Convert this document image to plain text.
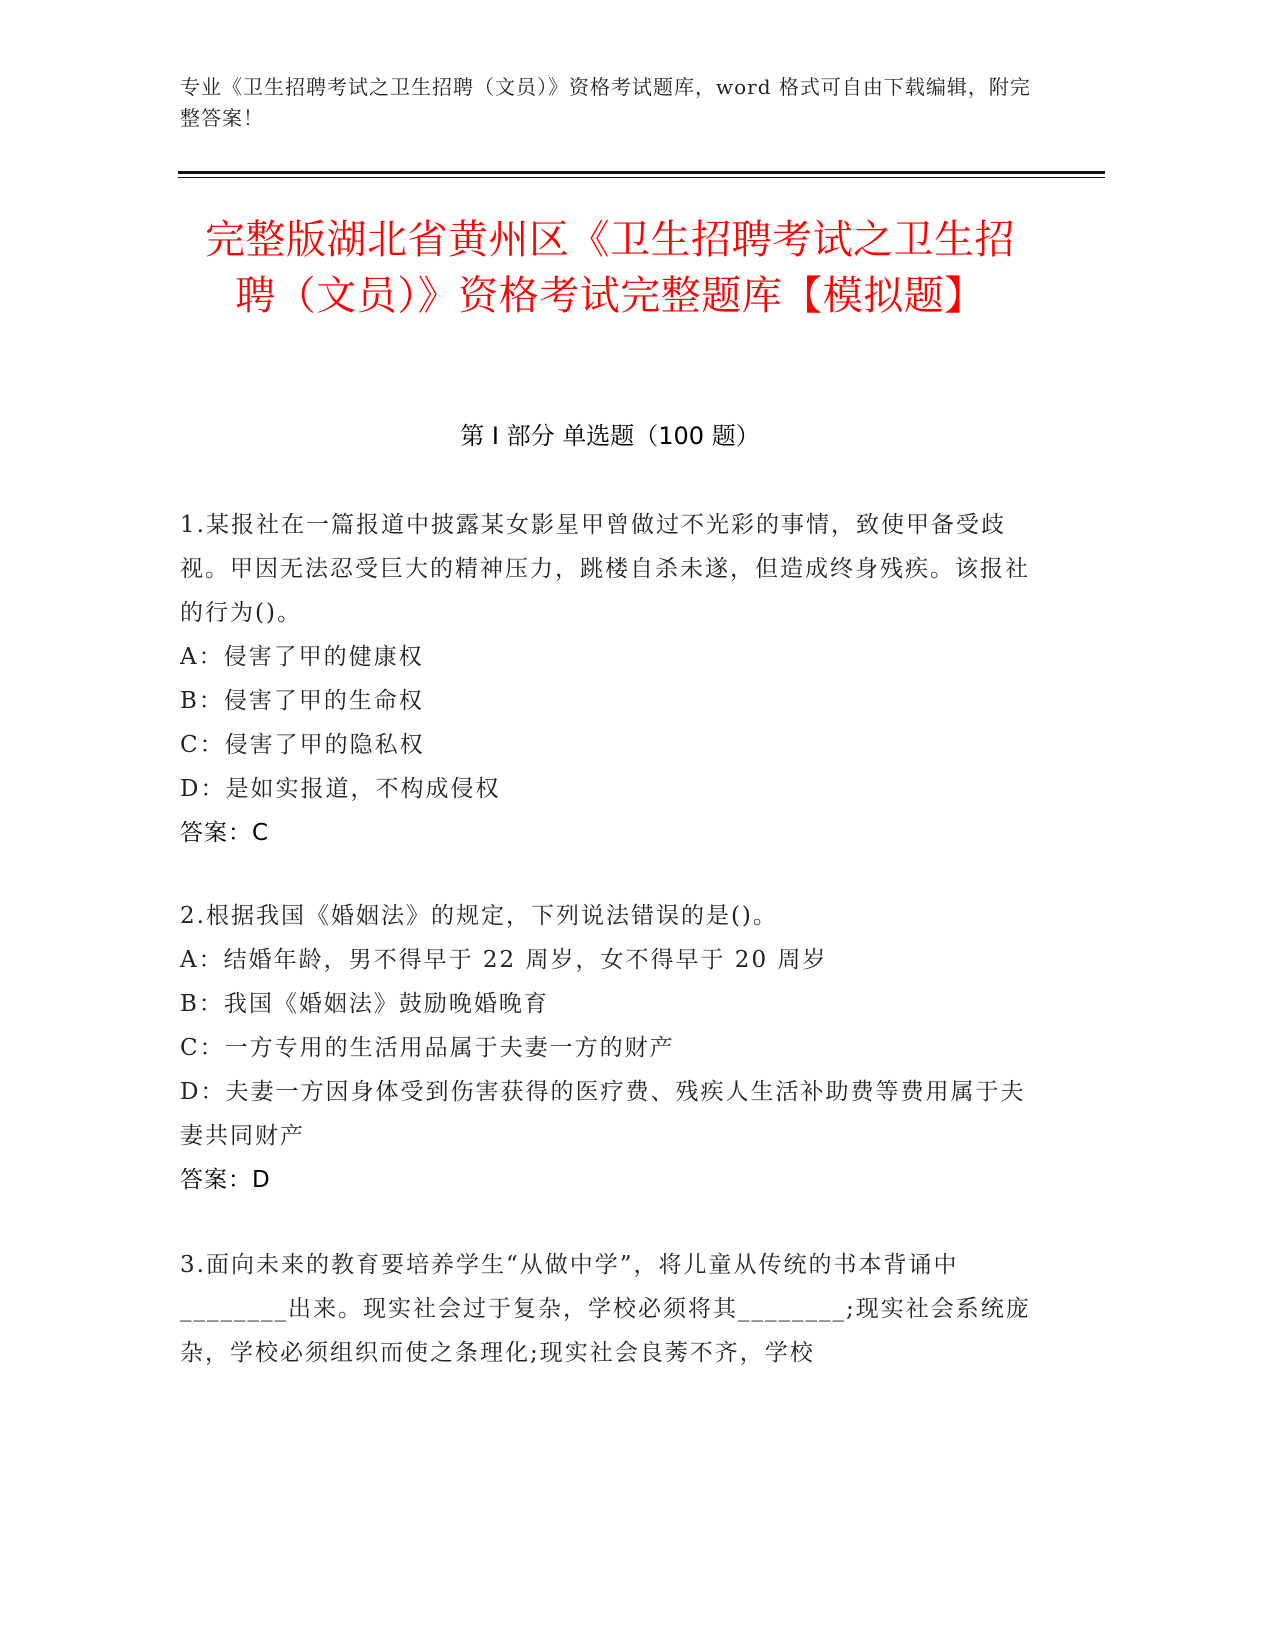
专业《卫生招聘考试之卫生招聘（文员）》资格考试题库，word 格式可自由下载编辑，附完整答案！
完整版湖北省黄州区《卫生招聘考试之卫生招聘（文员）》资格考试完整题库【模拟题】
第 I 部分 单选题（100 题）
1.某报社在一篇报道中披露某女影星甲曾做过不光彩的事情，致使甲备受歧视。甲因无法忍受巨大的精神压力，跳楼自杀未遂，但造成终身残疾。该报社的行为()。
A：侵害了甲的健康权
B：侵害了甲的生命权
C：侵害了甲的隐私权
D：是如实报道，不构成侵权
答案：C
2.根据我国《婚姻法》的规定，下列说法错误的是()。
A：结婚年龄，男不得早于 22 周岁，女不得早于 20 周岁
B：我国《婚姻法》鼓励晚婚晚育
C：一方专用的生活用品属于夫妻一方的财产
D：夫妻一方因身体受到伤害获得的医疗费、残疾人生活补助费等费用属于夫妻共同财产
答案：D
3.面向未来的教育要培养学生“从做中学”，将儿童从传统的书本背诵中________出来。现实社会过于复杂，学校必须将其________;现实社会系统庞杂，学校必须组织而使之条理化;现实社会良莠不齐，学校
